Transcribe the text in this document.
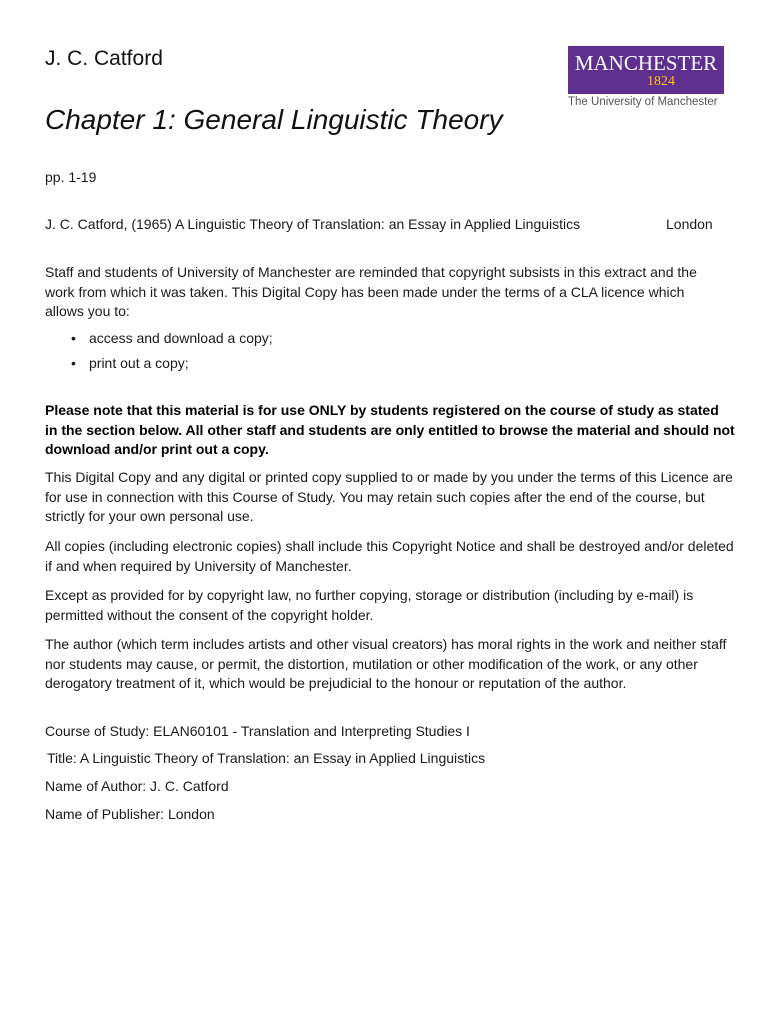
J. C. Catford
Chapter 1: General Linguistic Theory
MANCHESTER
1824
The University of Manchester
pp. 1-19
J. C. Catford, (1965) A Linguistic Theory of Translation: an Essay in Applied Linguistics	London
Staff and students of University of Manchester are reminded that copyright subsists in this extract and the work from which it was taken. This Digital Copy has been made under the terms of a CLA licence which allows you to:
• access and download a copy;
• print out a copy;
Please note that this material is for use ONLY by students registered on the course of study as stated in the section below. All other staff and students are only entitled to browse the material and should not download and/or print out a copy.
This Digital Copy and any digital or printed copy supplied to or made by you under the terms of this Licence are for use in connection with this Course of Study. You may retain such copies after the end of the course, but strictly for your own personal use.
All copies (including electronic copies) shall include this Copyright Notice and shall be destroyed and/or deleted if and when required by University of Manchester.
Except as provided for by copyright law, no further copying, storage or distribution (including by e-mail) is permitted without the consent of the copyright holder.
The author (which term includes artists and other visual creators) has moral rights in the work and neither staff nor students may cause, or permit, the distortion, mutilation or other modification of the work, or any other derogatory treatment of it, which would be prejudicial to the honour or reputation of the author.
Course of Study: ELAN60101 - Translation and Interpreting Studies I
Title: A Linguistic Theory of Translation: an Essay in Applied Linguistics
Name of Author: J. C. Catford
Name of Publisher: London
